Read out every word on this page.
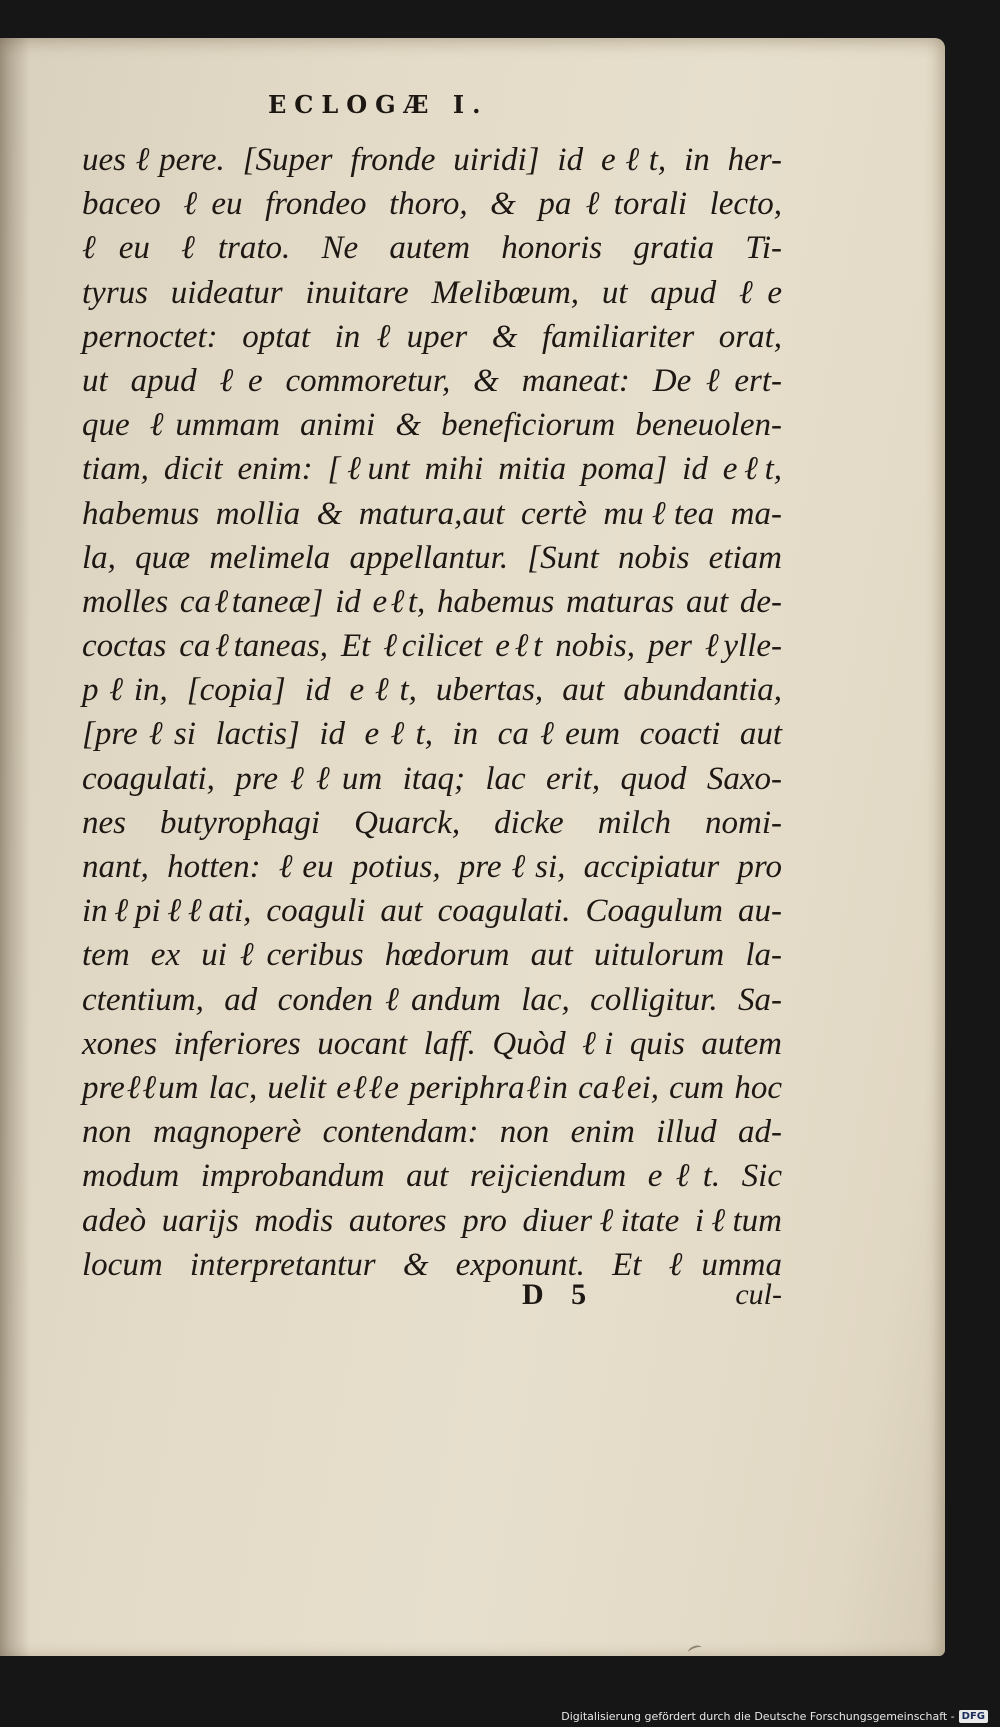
ECLOGÆ I.
uesℓpere. [Super fronde uiridi] id eℓt, in her-
baceo ℓeu frondeo thoro, & paℓtorali lecto,
ℓeu ℓtrato. Ne autem honoris gratia Ti-
tyrus uideatur inuitare Melibœum, ut apud ℓe
pernoctet: optat inℓuper & familiariter orat,
ut apud ℓe commoretur, & maneat: Deℓert-
que ℓummam animi & beneficiorum beneuolen-
tiam, dicit enim: [ℓunt mihi mitia poma] id eℓt,
habemus mollia & matura,aut certè muℓtea ma-
la, quæ melimela appellantur. [Sunt nobis etiam
molles caℓtaneæ] id eℓt, habemus maturas aut de-
coctas caℓtaneas, Et ℓcilicet eℓt nobis, per ℓylle-
pℓin, [copia] id eℓt, ubertas, aut abundantia,
[preℓsi lactis] id eℓt, in caℓeum coacti aut
coagulati, preℓℓum itaq; lac erit, quod Saxo-
nes butyrophagi Quarck, dicke milch nomi-
nant, hotten: ℓeu potius, preℓsi, accipiatur pro
inℓpiℓℓati, coaguli aut coagulati. Coagulum au-
tem ex uiℓceribus hœdorum aut uitulorum la-
ctentium, ad condenℓandum lac, colligitur. Sa-
xones inferiores uocant laff. Quòd ℓi quis autem
preℓℓum lac, uelit eℓℓe periphraℓin caℓei, cum hoc
non magnoperè contendam: non enim illud ad-
modum improbandum aut reijciendum eℓt. Sic
adeò uarijs modis autores pro diuerℓitate iℓtum
locum interpretantur & exponunt. Et ℓumma
D 5	cul-
Digitalisierung gefördert durch die Deutsche Forschungsgemeinschaft - DFG
